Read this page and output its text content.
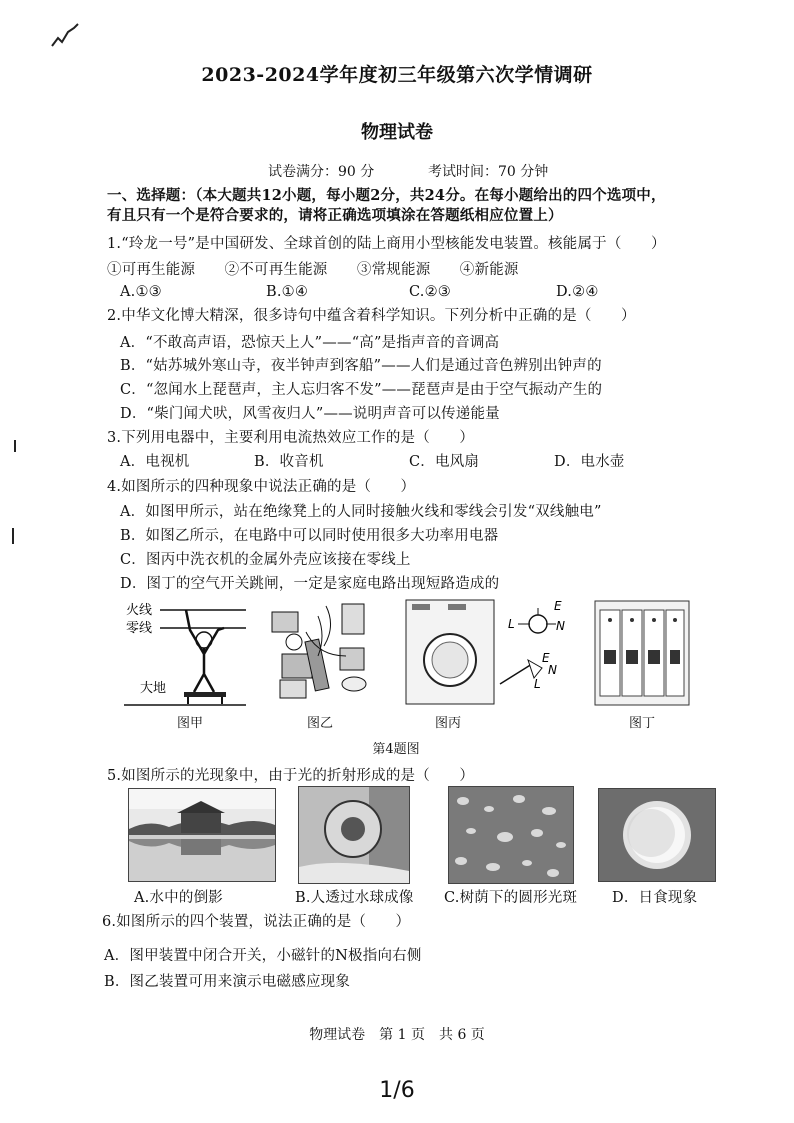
2023-2024学年度初三年级第六次学情调研
物理试卷
试卷满分：90 分	考试时间：70 分钟
一、选择题：（本大题共12小题，每小题2分，共24分。在每小题给出的四个选项中，
有且只有一个是符合要求的，请将正确选项填涂在答题纸相应位置上）
1.“玲龙一号”是中国研发、全球首创的陆上商用小型核能发电装置。核能属于（　　）
①可再生能源　　②不可再生能源　　③常规能源　　④新能源
A.①③	B.①④	C.②③	D.②④
2.中华文化博大精深，很多诗句中蕴含着科学知识。下列分析中正确的是（　　）
A．“不敢高声语，恐惊天上人”——“高”是指声音的音调高
B．“姑苏城外寒山寺，夜半钟声到客船”——人们是通过音色辨别出钟声的
C．“忽闻水上琵琶声，主人忘归客不发”——琵琶声是由于空气振动产生的
D．“柴门闻犬吠，风雪夜归人”——说明声音可以传递能量
3.下列用电器中，主要利用电流热效应工作的是（　　）
A．电视机	B．收音机	C．电风扇	D．电水壶
4.如图所示的四种现象中说法正确的是（　　）
A．如图甲所示，站在绝缘凳上的人同时接触火线和零线会引发“双线触电”
B．如图乙所示，在电路中可以同时使用很多大功率用电器
C．图丙中洗衣机的金属外壳应该接在零线上
D．图丁的空气开关跳闸，一定是家庭电路出现短路造成的
火线
零线
大地
图甲	图乙
E
L	N
E
N
L
图丙	图丁
第4题图
5.如图所示的光现象中，由于光的折射形成的是（　　）
A.水中的倒影	B.人透过水球成像 C.树荫下的圆形光斑 D．日食现象
6.如图所示的四个装置，说法正确的是（　　）
A．图甲装置中闭合开关，小磁针的N极指向右侧
B．图乙装置可用来演示电磁感应现象
物理试卷　第 1 页　共 6 页
1/6
